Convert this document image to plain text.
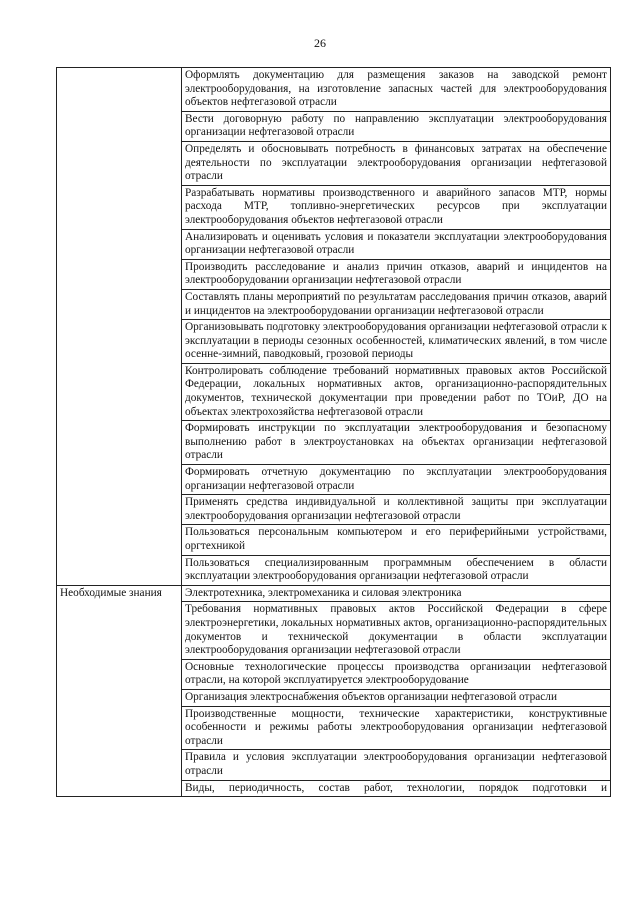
26
	Оформлять документацию для размещения заказов на заводской ремонт электрооборудования, на изготовление запасных частей для электрооборудования объектов нефтегазовой отрасли
	Вести договорную работу по направлению эксплуатации электрооборудования организации нефтегазовой отрасли
	Определять и обосновывать потребность в финансовых затратах на обеспечение деятельности по эксплуатации электрооборудования организации нефтегазовой отрасли
	Разрабатывать нормативы производственного и аварийного запасов МТР, нормы расхода МТР, топливно-энергетических ресурсов при эксплуатации электрооборудования объектов нефтегазовой отрасли
	Анализировать и оценивать условия и показатели эксплуатации электрооборудования организации нефтегазовой отрасли
	Производить расследование и анализ причин отказов, аварий и инцидентов на электрооборудовании организации нефтегазовой отрасли
	Составлять планы мероприятий по результатам расследования причин отказов, аварий и инцидентов на электрооборудовании организации нефтегазовой отрасли
	Организовывать подготовку электрооборудования организации нефтегазовой отрасли к эксплуатации в периоды сезонных особенностей, климатических явлений, в том числе осенне-зимний, паводковый, грозовой периоды
	Контролировать соблюдение требований нормативных правовых актов Российской Федерации, локальных нормативных актов, организационно-распорядительных документов, технической документации при проведении работ по ТОиР, ДО на объектах электрохозяйства нефтегазовой отрасли
	Формировать инструкции по эксплуатации электрооборудования и безопасному выполнению работ в электроустановках на объектах организации нефтегазовой отрасли
	Формировать отчетную документацию по эксплуатации электрооборудования организации нефтегазовой отрасли
	Применять средства индивидуальной и коллективной защиты при эксплуатации электрооборудования организации нефтегазовой отрасли
	Пользоваться персональным компьютером и его периферийными устройствами, оргтехникой
	Пользоваться специализированным программным обеспечением в области эксплуатации электрооборудования организации нефтегазовой отрасли
Необходимые знания	Электротехника, электромеханика и силовая электроника
	Требования нормативных правовых актов Российской Федерации в сфере электроэнергетики, локальных нормативных актов, организационно-распорядительных документов и технической документации в области эксплуатации электрооборудования организации нефтегазовой отрасли
	Основные технологические процессы производства организации нефтегазовой отрасли, на которой эксплуатируется электрооборудование
	Организация электроснабжения объектов организации нефтегазовой отрасли
	Производственные мощности, технические характеристики, конструктивные особенности и режимы работы электрооборудования организации нефтегазовой отрасли
	Правила и условия эксплуатации электрооборудования организации нефтегазовой отрасли
	Виды, периодичность, состав работ, технологии, порядок подготовки и
